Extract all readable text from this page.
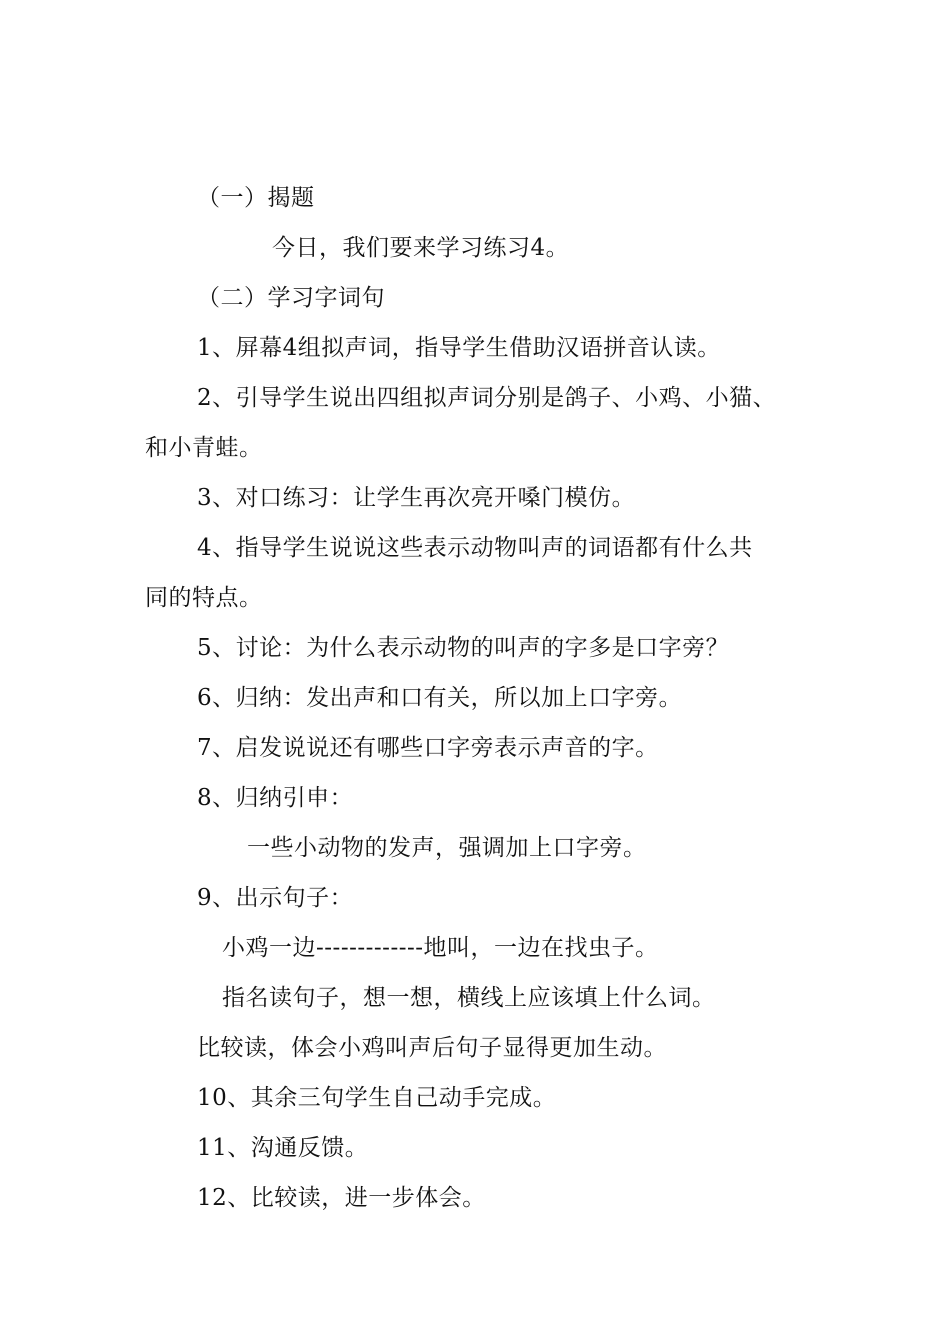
（一）揭题
今日，我们要来学习练习4。
（二）学习字词句
1、屏幕4组拟声词，指导学生借助汉语拼音认读。
2、引导学生说出四组拟声词分别是鸽子、小鸡、小猫、
和小青蛙。
3、对口练习：让学生再次亮开嗓门模仿。
4、指导学生说说这些表示动物叫声的词语都有什么共
同的特点。
5、讨论：为什么表示动物的叫声的字多是口字旁？
6、归纳：发出声和口有关，所以加上口字旁。
7、启发说说还有哪些口字旁表示声音的字。
8、归纳引申：
一些小动物的发声，强调加上口字旁。
9、出示句子：
小鸡一边-------------地叫，一边在找虫子。
指名读句子，想一想，横线上应该填上什么词。
比较读，体会小鸡叫声后句子显得更加生动。
10、其余三句学生自己动手完成。
11、沟通反馈。
12、比较读，进一步体会。
